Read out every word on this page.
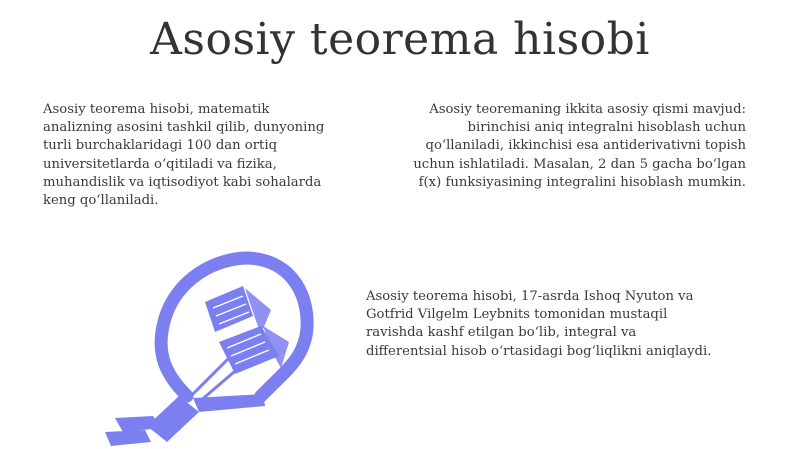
Asosiy teorema hisobi

Asosiy teorema hisobi, matematik
analizning asosini tashkil qilib, dunyoning
turli burchaklaridagi 100 dan ortiq
universitetlarda o‘qitiladi va fizika,
muhandislik va iqtisodiyot kabi sohalarda
keng qo‘llaniladi.

Asosiy teoremaning ikkita asosiy qismi mavjud:
birinchisi aniq integralni hisoblash uchun
qo‘llaniladi, ikkinchisi esa antiderivativni topish
uchun ishlatiladi. Masalan, 2 dan 5 gacha bo‘lgan
f(x) funksiyasining integralini hisoblash mumkin.

Asosiy teorema hisobi, 17-asrda Ishoq Nyuton va
Gotfrid Vilgelm Leybnits tomonidan mustaqil
ravishda kashf etilgan bo‘lib, integral va
differentsial hisob o‘rtasidagi bog‘liqlikni aniqlaydi.
